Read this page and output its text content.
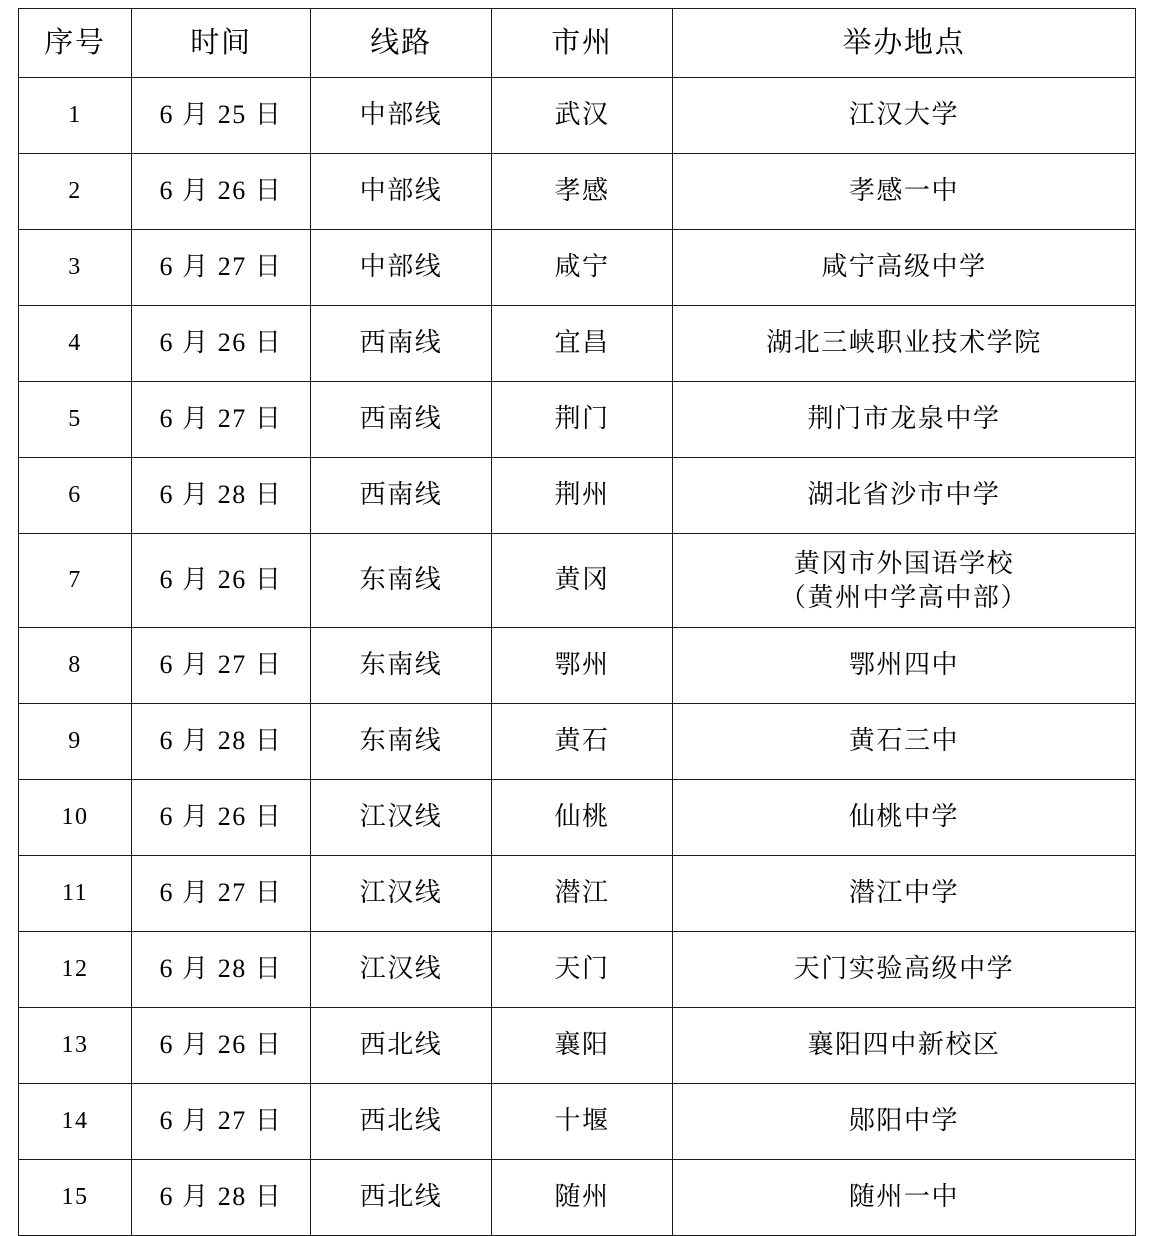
序号	时间	线路	市州	举办地点
1	6 月 25 日	中部线	武汉	江汉大学
2	6 月 26 日	中部线	孝感	孝感一中
3	6 月 27 日	中部线	咸宁	咸宁高级中学
4	6 月 26 日	西南线	宜昌	湖北三峡职业技术学院
5	6 月 27 日	西南线	荆门	荆门市龙泉中学
6	6 月 28 日	西南线	荆州	湖北省沙市中学
7	6 月 26 日	东南线	黄冈	黄冈市外国语学校
（黄州中学高中部）

8	6 月 27 日	东南线	鄂州	鄂州四中
9	6 月 28 日	东南线	黄石	黄石三中
10	6 月 26 日	江汉线	仙桃	仙桃中学
11	6 月 27 日	江汉线	潜江	潜江中学
12	6 月 28 日	江汉线	天门	天门实验高级中学
13	6 月 26 日	西北线	襄阳	襄阳四中新校区
14	6 月 27 日	西北线	十堰	郧阳中学
15	6 月 28 日	西北线	随州	随州一中
